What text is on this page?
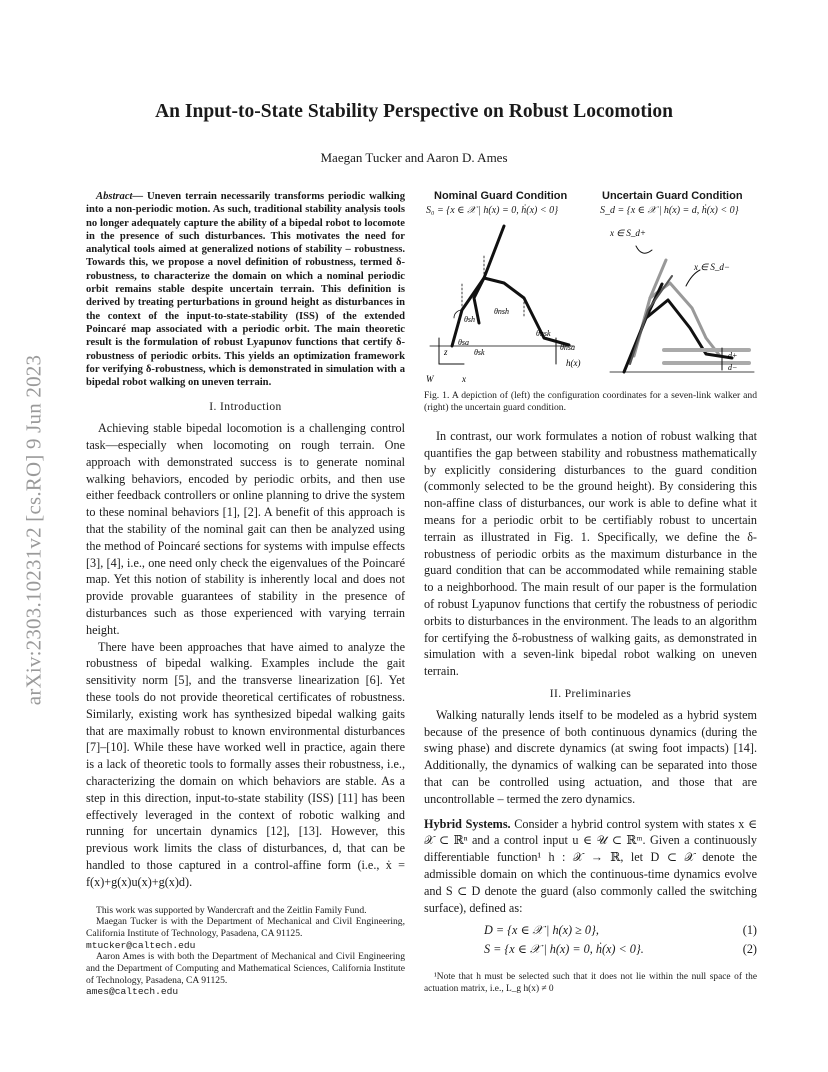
arXiv:2303.10231v2 [cs.RO] 9 Jun 2023
An Input-to-State Stability Perspective on Robust Locomotion
Maegan Tucker and Aaron D. Ames
Abstract— Uneven terrain necessarily transforms periodic walking into a non-periodic motion. As such, traditional stability analysis tools no longer adequately capture the ability of a bipedal robot to locomote in the presence of such disturbances. This motivates the need for analytical tools aimed at generalized notions of stability – robustness. Towards this, we propose a novel definition of robustness, termed δ-robustness, to characterize the domain on which a nominal periodic orbit remains stable despite uncertain terrain. This definition is derived by treating perturbations in ground height as disturbances in the context of the input-to-state-stability (ISS) of the extended Poincaré map associated with a periodic orbit. The main theoretic result is the formulation of robust Lyapunov functions that certify δ-robustness of periodic orbits. This yields an optimization framework for verifying δ-robustness, which is demonstrated in simulation with a bipedal robot walking on uneven terrain.
I. Introduction

Achieving stable bipedal locomotion is a challenging control task—especially when locomoting on rough terrain. One approach with demonstrated success is to generate nominal walking behaviors, encoded by periodic orbits, and then use either feedback controllers or online planning to drive the system to these nominal behaviors [1], [2]. A benefit of this approach is that the stability of the nominal gait can then be analyzed using the method of Poincaré sections for systems with impulse effects [3], [4], i.e., one need only check the eigenvalues of the Poincaré map. Yet this notion of stability is inherently local and does not provide provable guarantees of stability in the presence of disturbances such as those experienced with varying terrain height.

There have been approaches that have aimed to analyze the robustness of bipedal walking. Examples include the gait sensitivity norm [5], and the transverse linearization [6]. Yet these tools do not provide theoretical certificates of robustness. Similarly, existing work has synthesized bipedal walking gaits that are maximally robust to known environmental disturbances [7]–[10]. While these have worked well in practice, again there is a lack of theoretic tools to formally asses their robustness, i.e., characterizing the domain on which behaviors are stable. As a step in this direction, input-to-state stability (ISS) [11] has been effectively leveraged in the context of robotic walking and running for uncertain dynamics [12], [13]. However, this previous work limits the class of disturbances, d, that can be handled to those captured in a control-affine form (i.e., ẋ = f(x)+g(x)u(x)+g(x)d).

This work was supported by Wandercraft and the Zeitlin Family Fund.

Maegan Tucker is with the Department of Mechanical and Civil Engineering, California Institute of Technology, Pasadena, CA 91125.

mtucker@caltech.edu

Aaron Ames is with both the Department of Mechanical and Civil Engineering and the Department of Computing and Mathematical Sciences, California Institute of Technology, Pasadena, CA 91125.

ames@caltech.edu
Nominal Guard Condition
S₀ = {x ∈ 𝒳 | h(x) = 0, ḣ(x) < 0}
Uncertain Guard Condition
S_d = {x ∈ 𝒳 | h(x) = d, ḣ(x) < 0}
θsh
θnsh
θsa
θsk
θnsk
θnsa
h(x)
z
x
W
x ∈ S_d+
x ∈ S_d−
d+
d−
Fig. 1. A depiction of (left) the configuration coordinates for a seven-link walker and (right) the uncertain guard condition.

In contrast, our work formulates a notion of robust walking that quantifies the gap between stability and robustness mathematically by explicitly considering disturbances to the guard condition (commonly selected to be the ground height). By considering this non-affine class of disturbances, our work is able to define what it means for a periodic orbit to be certifiably robust to uncertain terrain as illustrated in Fig. 1. Specifically, we define the δ-robustness of periodic orbits as the maximum disturbance in the guard condition that can be accommodated while remaining stable to a neighborhood. The main result of our paper is the formulation of robust Lyapunov functions that certify the robustness of periodic orbits to disturbances in the environment. The leads to an algorithm for certifying the δ-robustness of walking gaits, as demonstrated in simulation with a seven-link bipedal robot walking on uneven terrain.

II. Preliminaries

Walking naturally lends itself to be modeled as a hybrid system because of the presence of both continuous dynamics (during the swing phase) and discrete dynamics (at swing foot impacts) [14]. Additionally, the dynamics of walking can be separated into those that can be controlled using actuation, and those that are uncontrollable – termed the zero dynamics.

Hybrid Systems. Consider a hybrid control system with states x ∈ 𝒳 ⊂ ℝⁿ and a control input u ∈ 𝒰 ⊂ ℝᵐ. Given a continuously differentiable function¹ h : 𝒳 → ℝ, let D ⊂ 𝒳 denote the admissible domain on which the continuous-time dynamics evolve and S ⊂ D denote the guard (also commonly called the switching surface), defined as:

D = {x ∈ 𝒳 | h(x) ≥ 0},	(1)
S = {x ∈ 𝒳 | h(x) = 0, ḣ(x) < 0}.	(2)
¹Note that h must be selected such that it does not lie within the null space of the actuation matrix, i.e., L_g h(x) ≠ 0
